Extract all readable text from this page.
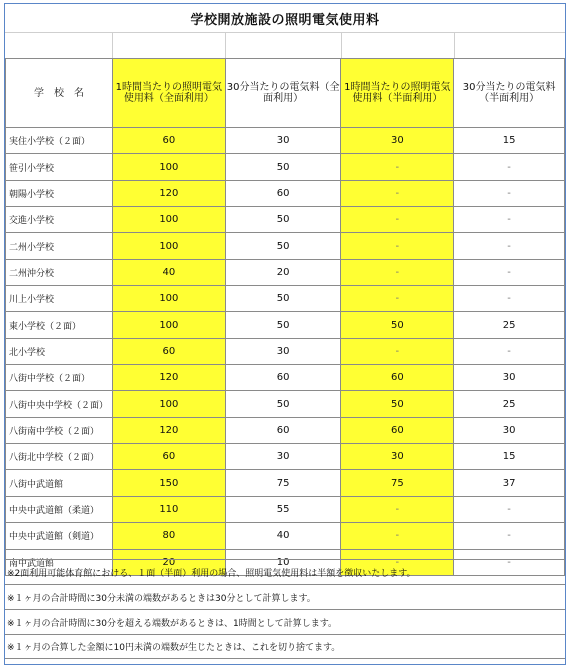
学校開放施設の照明電気使用料
学　校　名	1時間当たりの照明電気使用料（全面利用）	30分当たりの電気料（全面利用）	1時間当たりの照明電気使用料（半面利用）	30分当たりの電気料（半面利用）
実住小学校（２面）	60	30	30	15
笹引小学校	100	50	-	-
朝陽小学校	120	60	-	-
交進小学校	100	50	-	-
二州小学校	100	50	-	-
二州沖分校	40	20	-	-
川上小学校	100	50	-	-
東小学校（２面）	100	50	50	25
北小学校	60	30	-	-
八街中学校（２面）	120	60	60	30
八街中央中学校（２面）	100	50	50	25
八街南中学校（２面）	120	60	60	30
八街北中学校（２面）	60	30	30	15
八街中武道館	150	75	75	37
中央中武道館（柔道）	110	55	-	-
中央中武道館（剣道）	80	40	-	-
南中武道館	20	10	-	-
※2面利用可能体育館における、１面（半面）利用の場合、照明電気使用料は半額を徴収いたします。
※１ヶ月の合計時間に30分未満の端数があるときは30分として計算します。
※１ヶ月の合計時間に30分を超える端数があるときは、1時間として計算します。
※１ヶ月の合算した金額に10円未満の端数が生じたときは、これを切り捨てます。
